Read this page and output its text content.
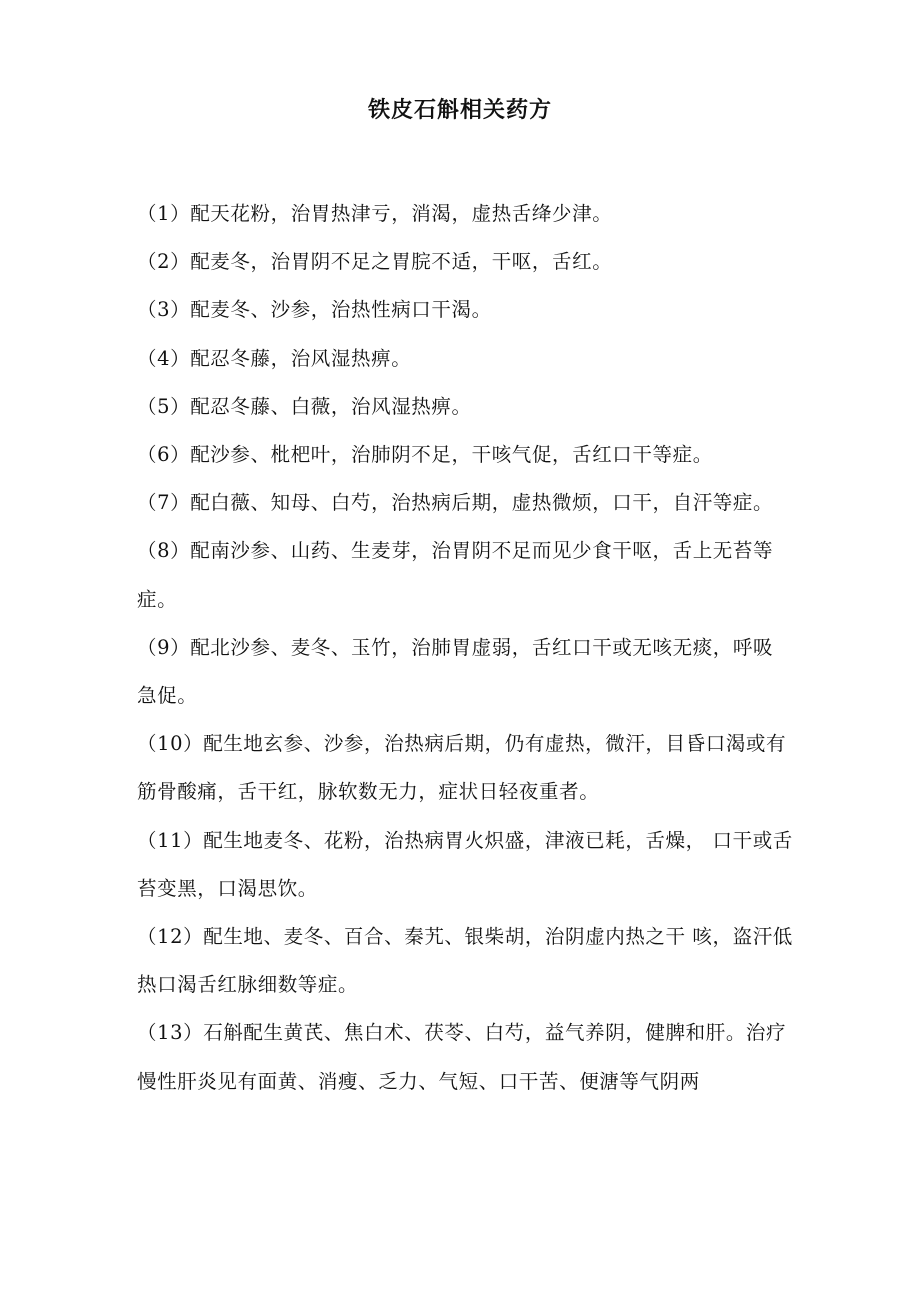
铁皮石斛相关药方

（1）配天花粉，治胃热津亏，消渴，虚热舌绛少津。

（2）配麦冬，治胃阴不足之胃脘不适，干呕，舌红。

（3）配麦冬、沙参，治热性病口干渴。

（4）配忍冬藤，治风湿热痹。

（5）配忍冬藤、白薇，治风湿热痹。

（6）配沙参、枇杷叶，治肺阴不足，干咳气促，舌红口干等症。

（7）配白薇、知母、白芍，治热病后期，虚热微烦，口干，自汗等症。

（8）配南沙参、山药、生麦芽，治胃阴不足而见少食干呕，舌上无苔等症。

（9）配北沙参、麦冬、玉竹，治肺胃虚弱，舌红口干或无咳无痰，呼吸急促。

（10）配生地玄参、沙参，治热病后期，仍有虚热，微汗，目昏口渴或有筋骨酸痛，舌干红，脉软数无力，症状日轻夜重者。

（11）配生地麦冬、花粉，治热病胃火炽盛，津液已耗，舌燥， 口干或舌苔变黑，口渴思饮。

（12）配生地、麦冬、百合、秦艽、银柴胡，治阴虚内热之干 咳，盗汗低热口渴舌红脉细数等症。

（13）石斛配生黄芪、焦白术、茯苓、白芍，益气养阴，健脾和肝。治疗慢性肝炎见有面黄、消瘦、乏力、气短、口干苦、便溏等气阴两
